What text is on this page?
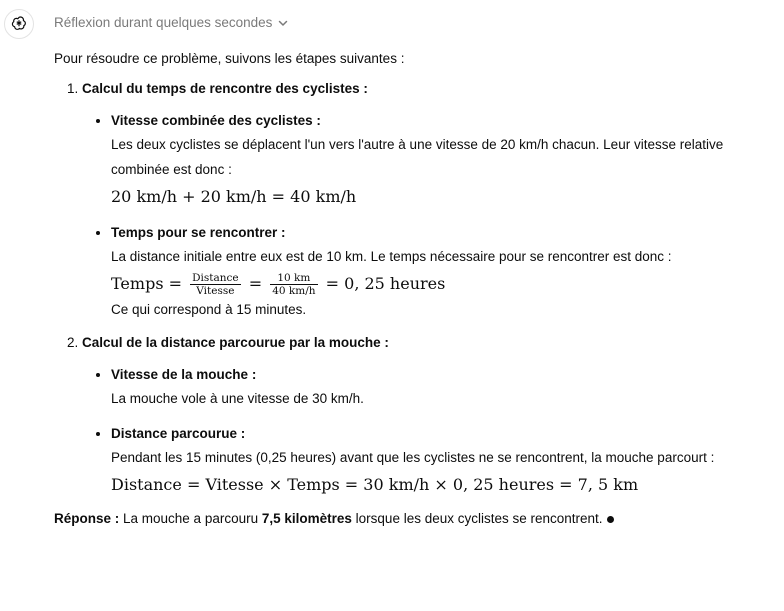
Réflexion durant quelques secondes

Pour résoudre ce problème, suivons les étapes suivantes :

1. Calcul du temps de rencontre des cyclistes :
• Vitesse combinée des cyclistes :
Les deux cyclistes se déplacent l'un vers l'autre à une vitesse de 20 km/h chacun. Leur vitesse relative combinée est donc :
20 km/h + 20 km/h = 40 km/h
• Temps pour se rencontrer :
La distance initiale entre eux est de 10 km. Le temps nécessaire pour se rencontrer est donc :
Temps = $\frac{\text{Distance}}{\text{Vitesse}} = \frac{10 km}{40 km/h} = 0$, 25 heures
Ce qui correspond à 15 minutes.
2. Calcul de la distance parcourue par la mouche :
• Vitesse de la mouche :
La mouche vole à une vitesse de 30 km/h.
• Distance parcourue :
Pendant les 15 minutes (0,25 heures) avant que les cyclistes ne se rencontrent, la mouche parcourt :
Distance = Vitesse × Temps = 30 km/h × 0, 25 heures = 7, 5 km

Réponse : La mouche a parcouru 7,5 kilomètres lorsque les deux cyclistes se rencontrent.
